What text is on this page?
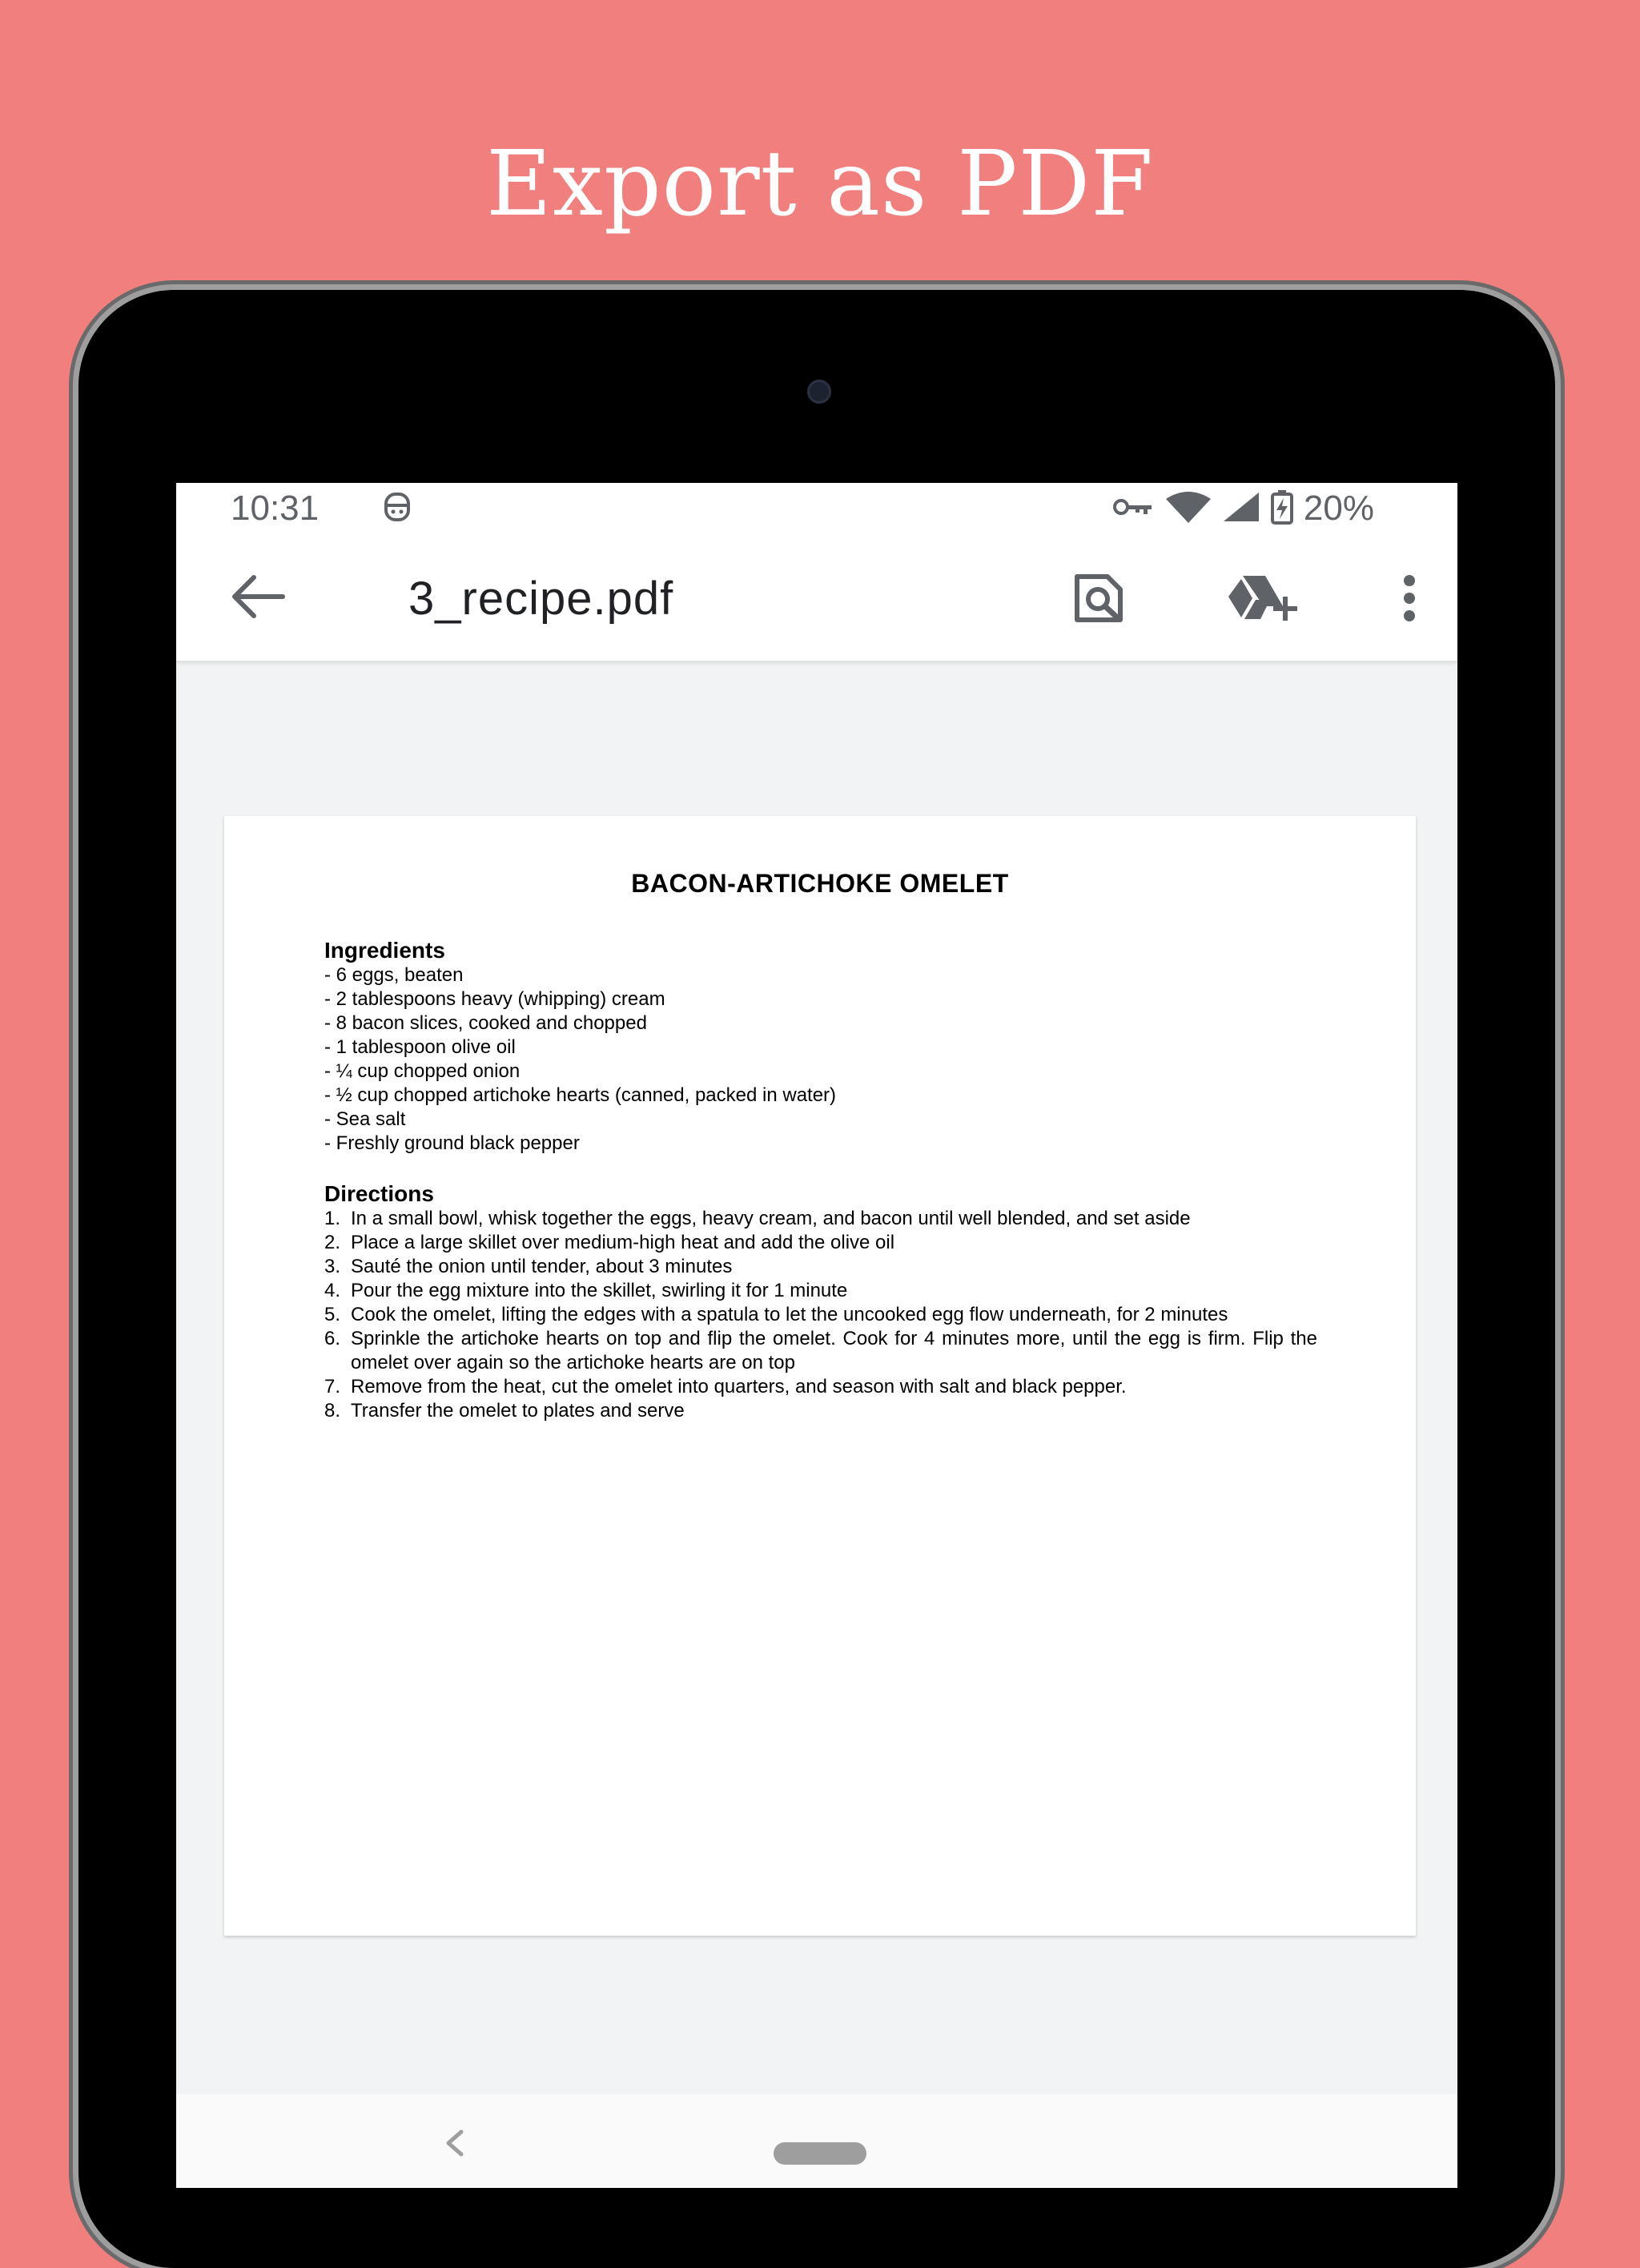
Export as PDF
10:31	20%
3_recipe.pdf
BACON-ARTICHOKE OMELET
Ingredients
- 6 eggs, beaten
- 2 tablespoons heavy (whipping) cream
- 8 bacon slices, cooked and chopped
- 1 tablespoon olive oil
- ¼ cup chopped onion
- ½ cup chopped artichoke hearts (canned, packed in water)
- Sea salt
- Freshly ground black pepper
Directions
1. In a small bowl, whisk together the eggs, heavy cream, and bacon until well blended, and set aside
2. Place a large skillet over medium-high heat and add the olive oil
3. Sauté the onion until tender, about 3 minutes
4. Pour the egg mixture into the skillet, swirling it for 1 minute
5. Cook the omelet, lifting the edges with a spatula to let the uncooked egg flow underneath, for 2 minutes
6. Sprinkle the artichoke hearts on top and flip the omelet. Cook for 4 minutes more, until the egg is firm. Flip the omelet over again so the artichoke hearts are on top
7. Remove from the heat, cut the omelet into quarters, and season with salt and black pepper.
8. Transfer the omelet to plates and serve
